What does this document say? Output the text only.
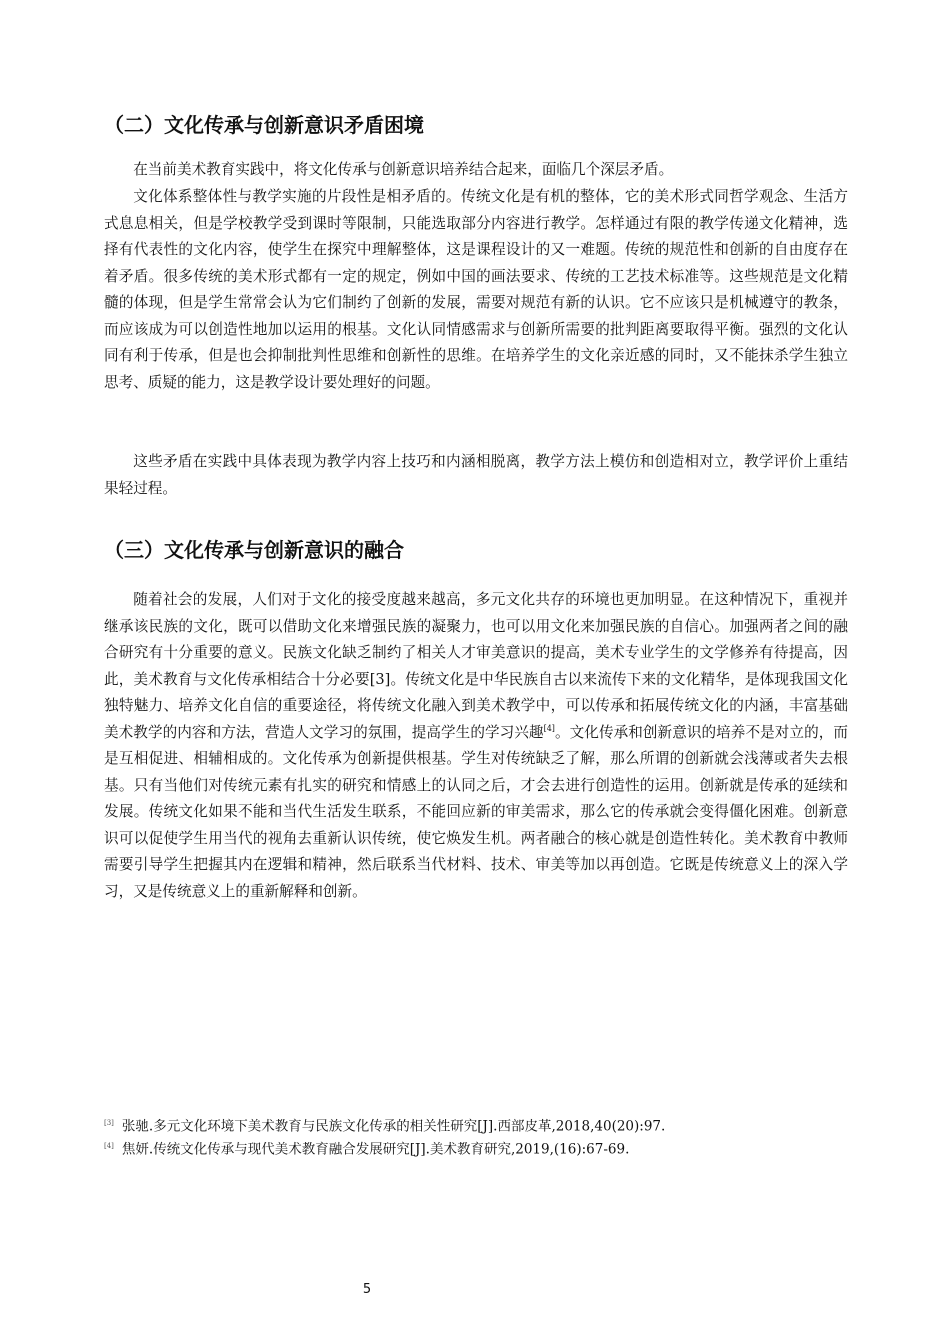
（二）文化传承与创新意识矛盾困境

在当前美术教育实践中，将文化传承与创新意识培养结合起来，面临几个深层矛盾。

文化体系整体性与教学实施的片段性是相矛盾的。传统文化是有机的整体，它的美术形式同哲学观念、生活方式息息相关，但是学校教学受到课时等限制，只能选取部分内容进行教学。怎样通过有限的教学传递文化精神，选择有代表性的文化内容，使学生在探究中理解整体，这是课程设计的又一难题。传统的规范性和创新的自由度存在着矛盾。很多传统的美术形式都有一定的规定，例如中国的画法要求、传统的工艺技术标准等。这些规范是文化精髓的体现，但是学生常常会认为它们制约了创新的发展，需要对规范有新的认识。它不应该只是机械遵守的教条，而应该成为可以创造性地加以运用的根基。文化认同情感需求与创新所需要的批判距离要取得平衡。强烈的文化认同有利于传承，但是也会抑制批判性思维和创新性的思维。在培养学生的文化亲近感的同时，又不能抹杀学生独立思考、质疑的能力，这是教学设计要处理好的问题。

这些矛盾在实践中具体表现为教学内容上技巧和内涵相脱离，教学方法上模仿和创造相对立，教学评价上重结果轻过程。

（三）文化传承与创新意识的融合

随着社会的发展，人们对于文化的接受度越来越高，多元文化共存的环境也更加明显。在这种情况下，重视并继承该民族的文化，既可以借助文化来增强民族的凝聚力，也可以用文化来加强民族的自信心。加强两者之间的融合研究有十分重要的意义。民族文化缺乏制约了相关人才审美意识的提高，美术专业学生的文学修养有待提高，因此，美术教育与文化传承相结合十分必要[3]。传统文化是中华民族自古以来流传下来的文化精华，是体现我国文化独特魅力、培养文化自信的重要途径，将传统文化融入到美术教学中，可以传承和拓展传统文化的内涵，丰富基础美术教学的内容和方法，营造人文学习的氛围，提高学生的学习兴趣[4]。文化传承和创新意识的培养不是对立的，而是互相促进、相辅相成的。文化传承为创新提供根基。学生对传统缺乏了解，那么所谓的创新就会浅薄或者失去根基。只有当他们对传统元素有扎实的研究和情感上的认同之后，才会去进行创造性的运用。创新就是传承的延续和发展。传统文化如果不能和当代生活发生联系，不能回应新的审美需求，那么它的传承就会变得僵化困难。创新意识可以促使学生用当代的视角去重新认识传统，使它焕发生机。两者融合的核心就是创造性转化。美术教育中教师需要引导学生把握其内在逻辑和精神，然后联系当代材料、技术、审美等加以再创造。它既是传统意义上的深入学习，又是传统意义上的重新解释和创新。

[3] 张驰.多元文化环境下美术教育与民族文化传承的相关性研究[J].西部皮革,2018,40(20):97.

[4] 焦妍.传统文化传承与现代美术教育融合发展研究[J].美术教育研究,2019,(16):67-69.

5
